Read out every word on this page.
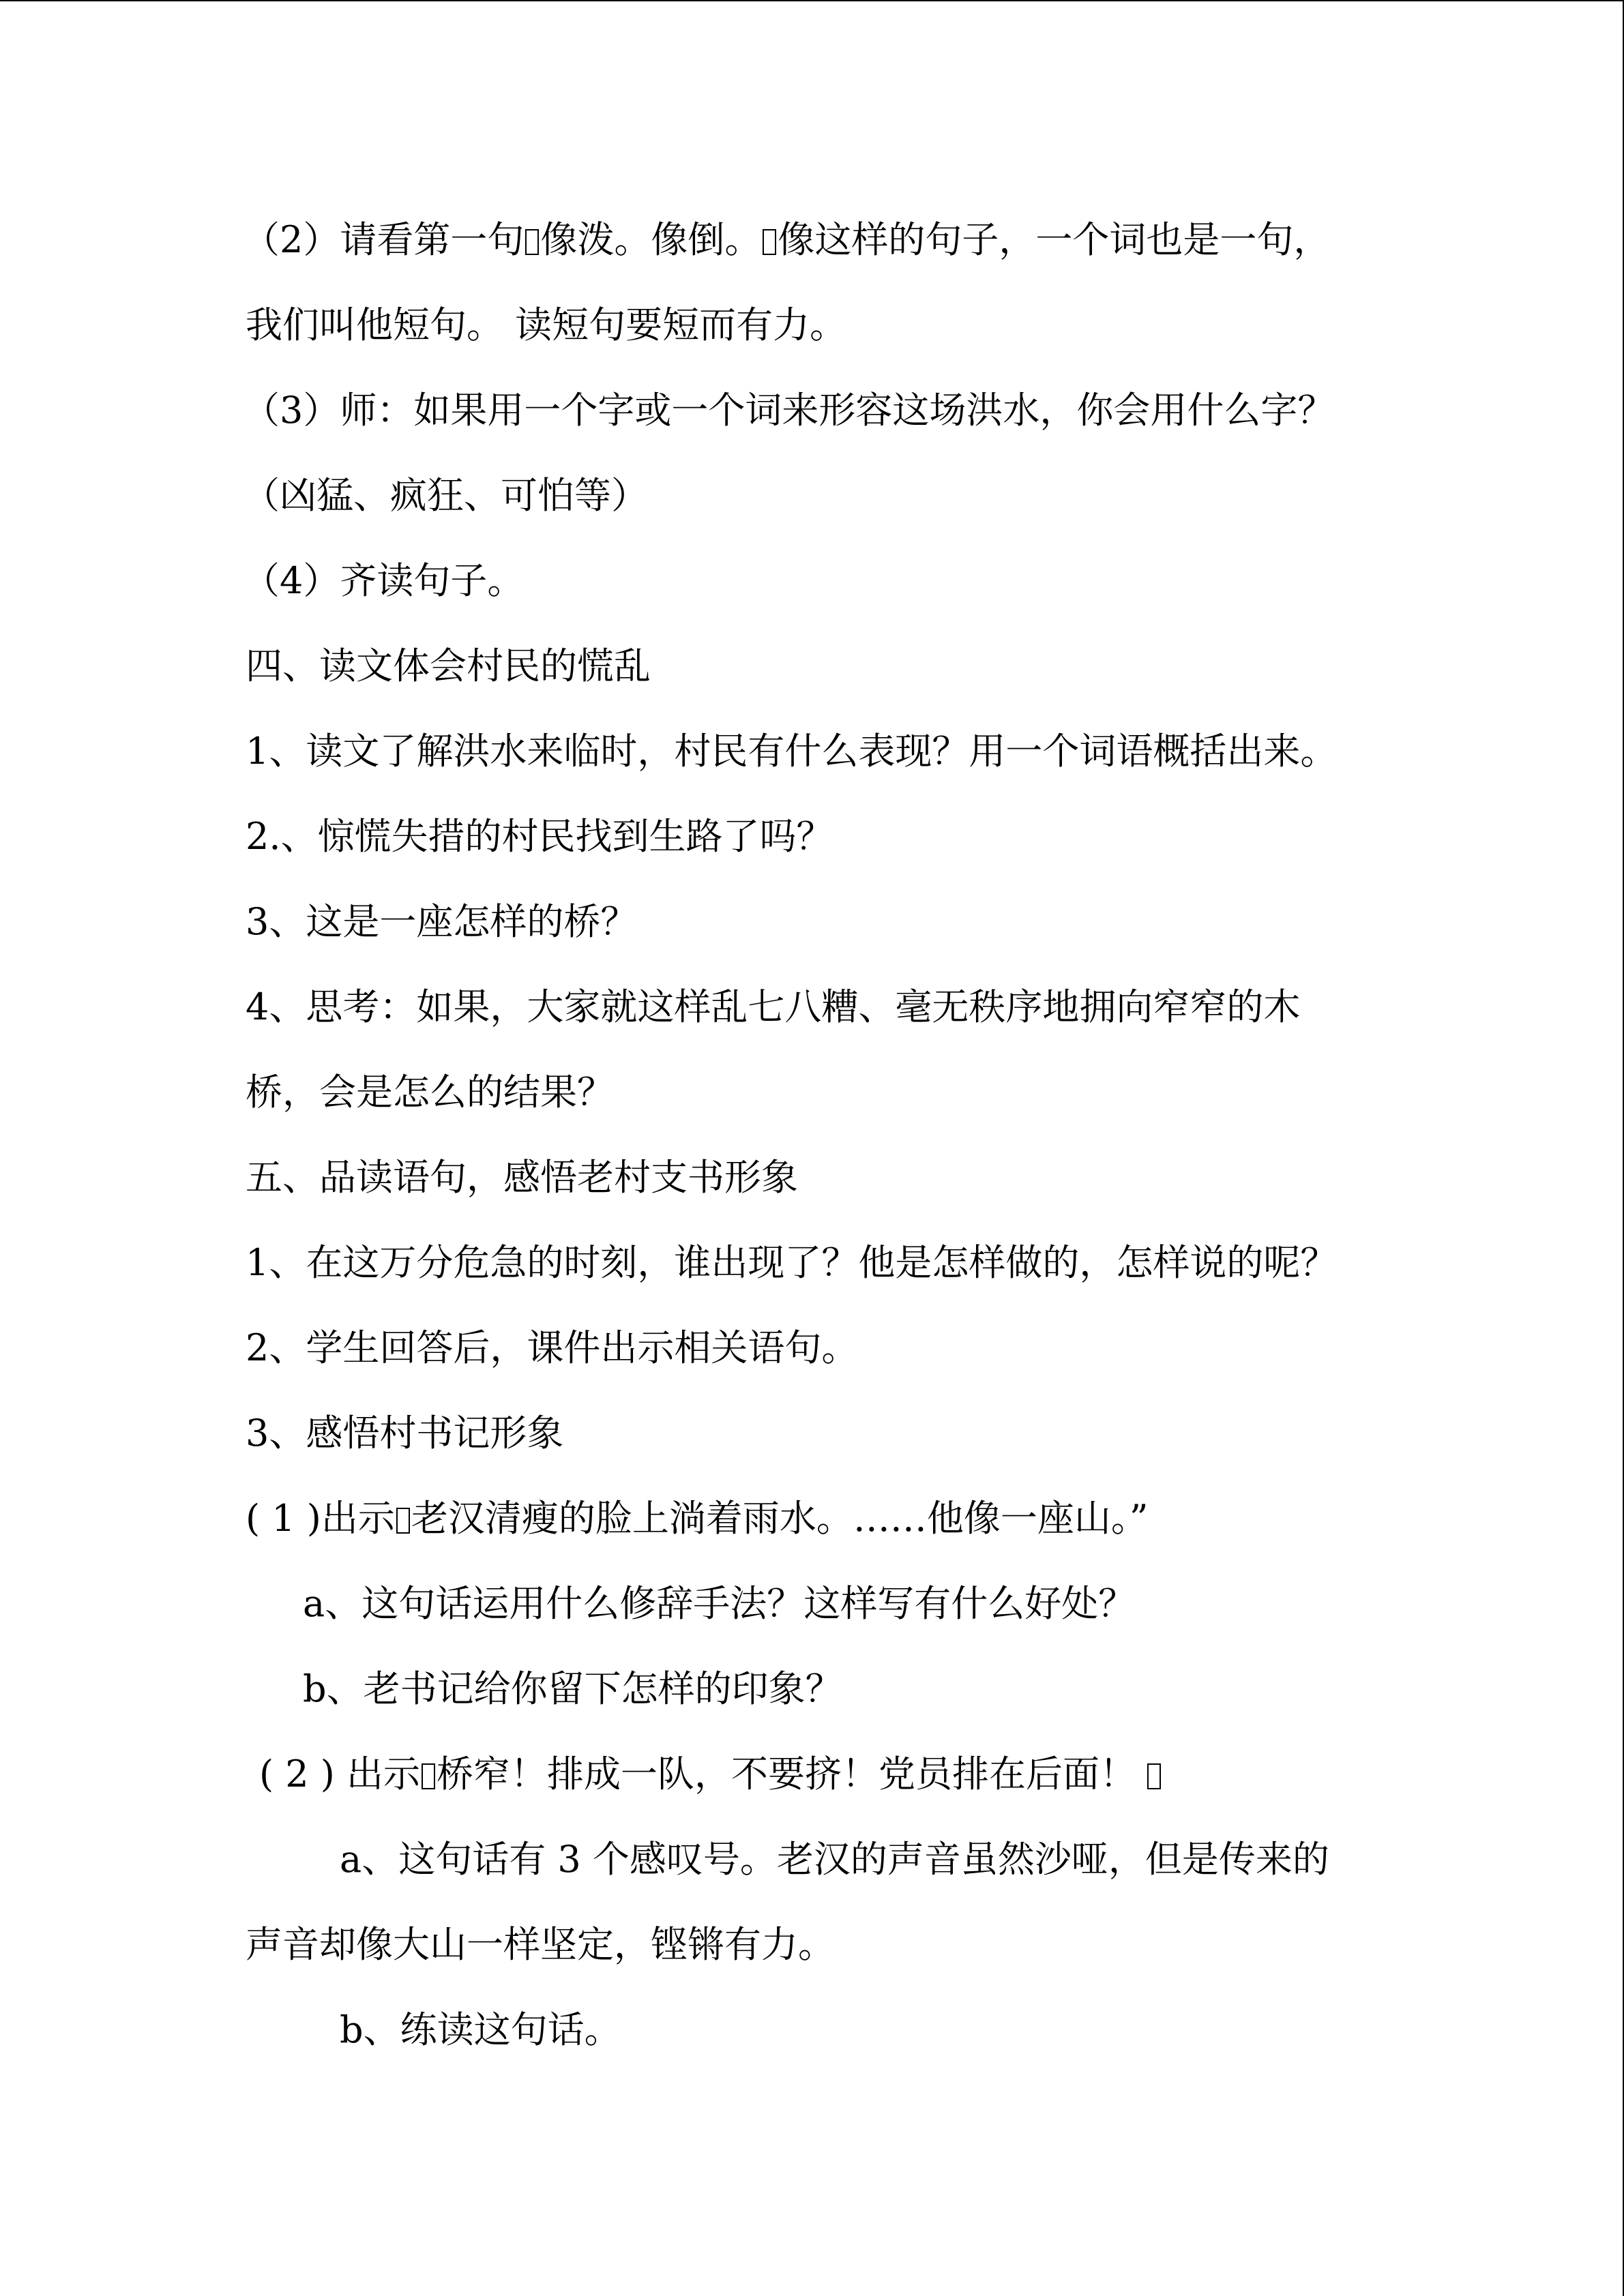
（2）请看第一句 像泼。像倒。 像这样的句子，一个词也是一句，
我们叫他短句。 读短句要短而有力。
（3）师：如果用一个字或一个词来形容这场洪水，你会用什么字？
（凶猛、疯狂、可怕等）
（4）齐读句子。
四、读文体会村民的慌乱
1、读文了解洪水来临时，村民有什么表现？用一个词语概括出来。
2.、惊慌失措的村民找到生路了吗？
3、这是一座怎样的桥？
4、思考：如果，大家就这样乱七八糟、毫无秩序地拥向窄窄的木
桥，会是怎么的结果？
五、品读语句，感悟老村支书形象
1、在这万分危急的时刻，谁出现了？他是怎样做的，怎样说的呢？
2、学生回答后，课件出示相关语句。
3、感悟村书记形象
( 1 )出示 老汉清瘦的脸上淌着雨水。……他像一座山。”
a、这句话运用什么修辞手法？这样写有什么好处？
b、老书记给你留下怎样的印象？
( 2 ) 出示 桥窄！排成一队，不要挤！党员排在后面！
a、这句话有 3 个感叹号。老汉的声音虽然沙哑，但是传来的
声音却像大山一样坚定，铿锵有力。
b、练读这句话。
